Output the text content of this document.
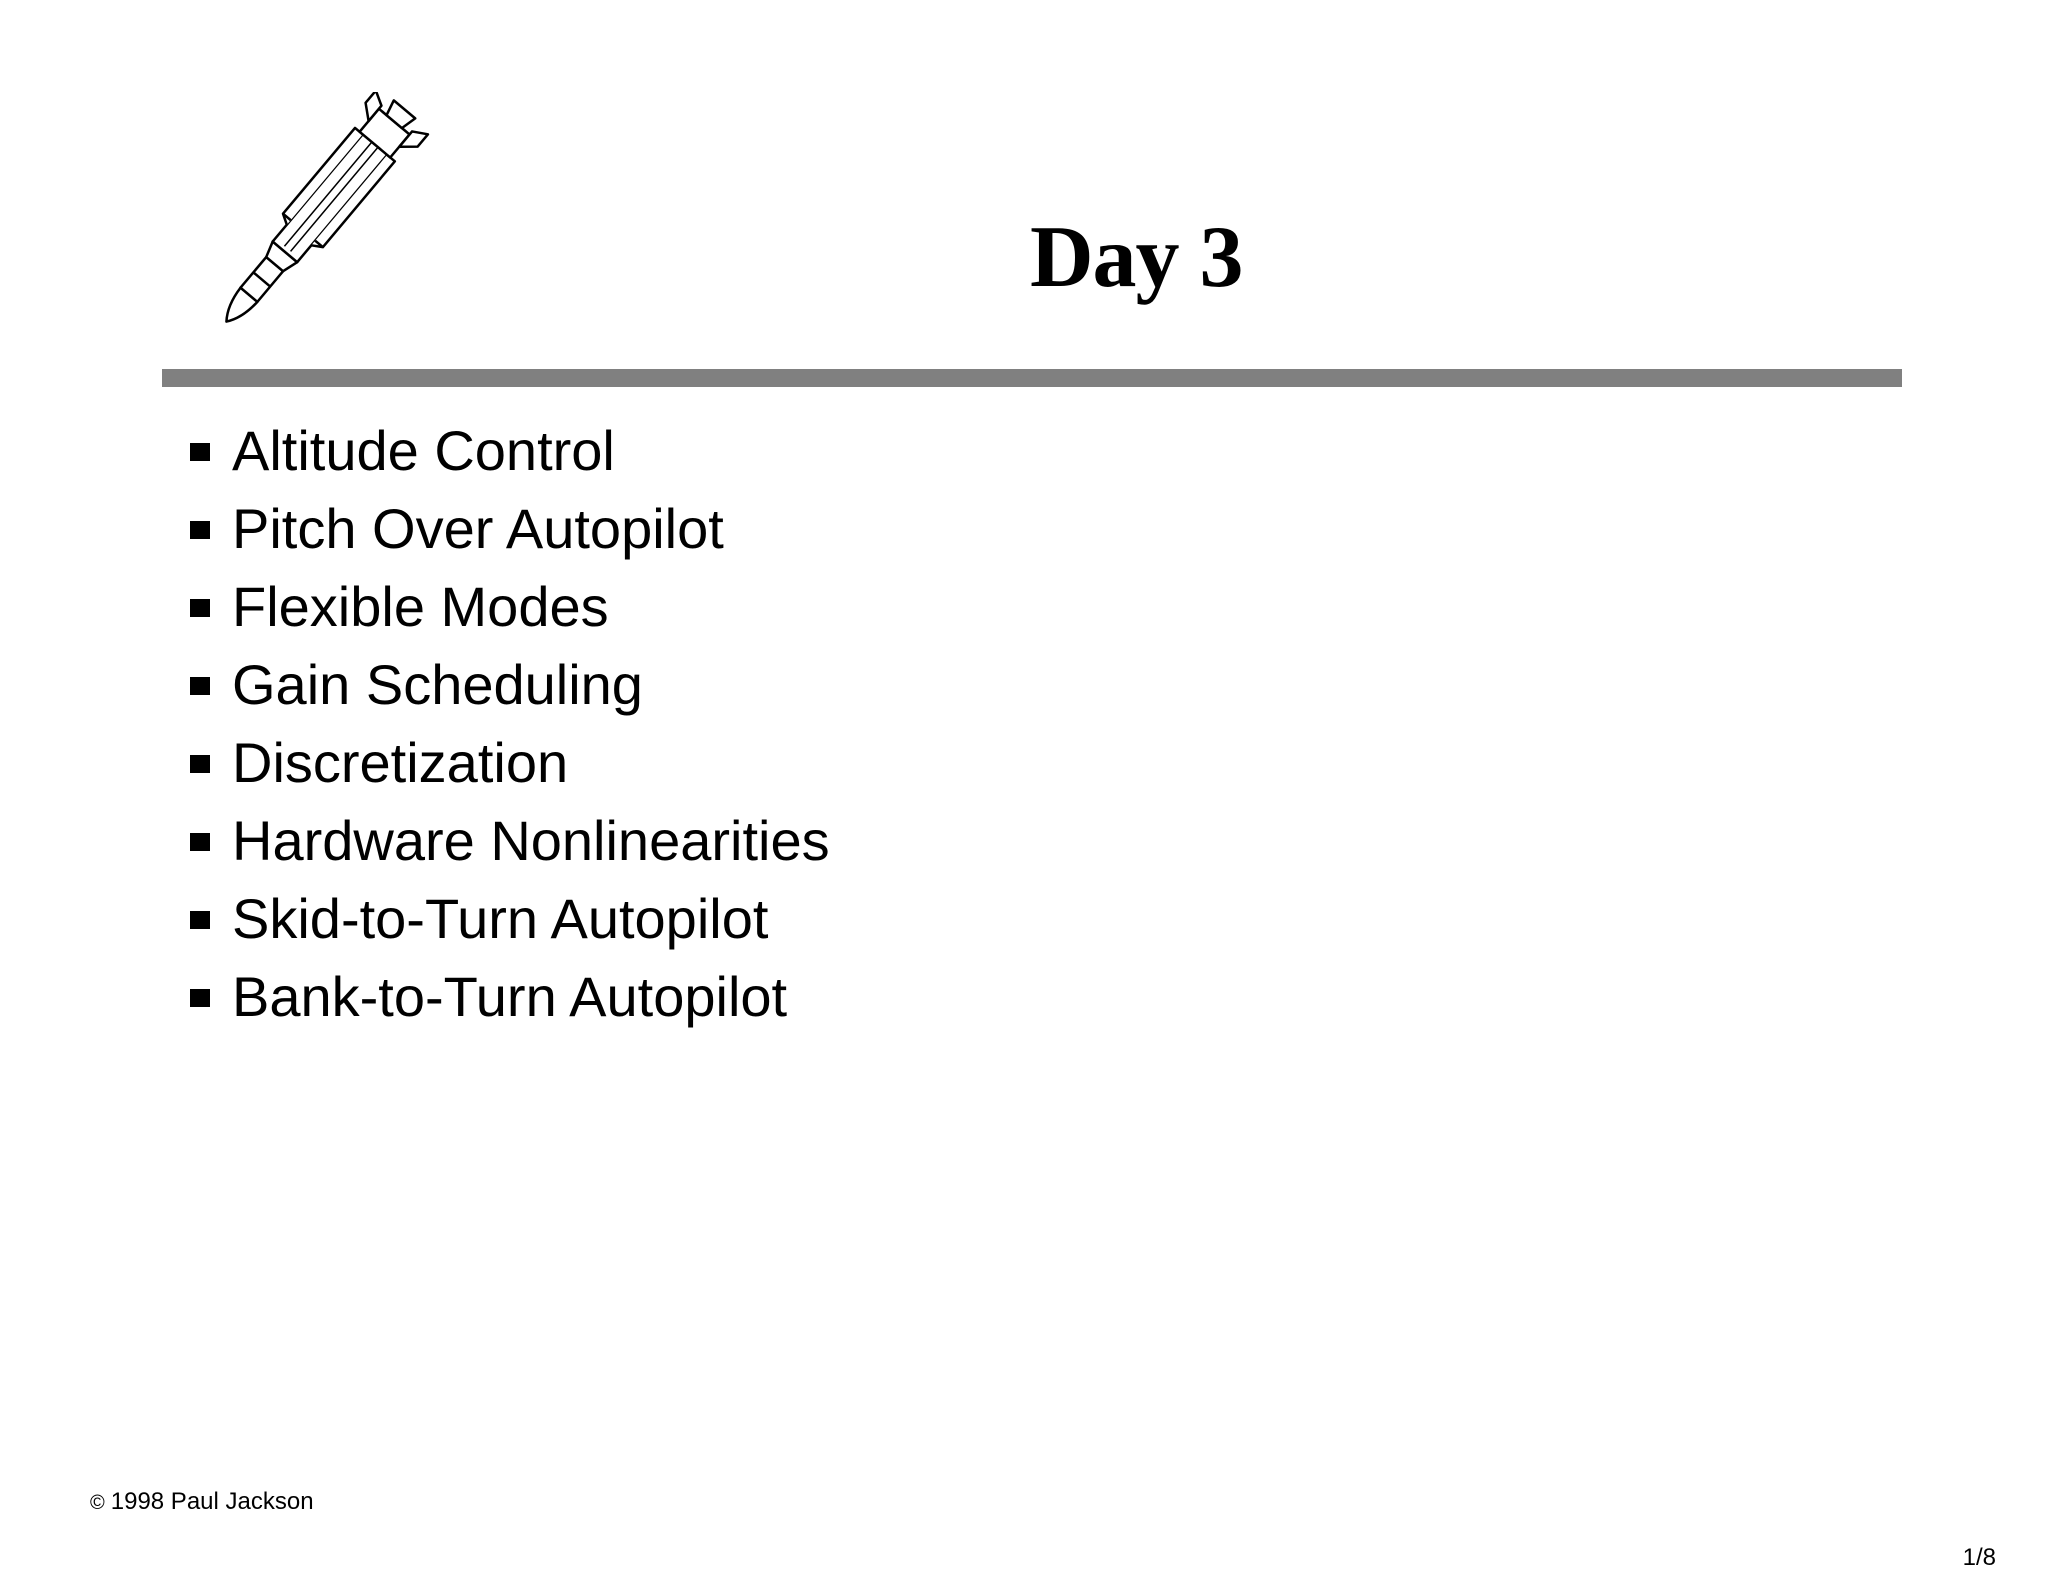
Day 3
Altitude Control
Pitch Over Autopilot
Flexible Modes
Gain Scheduling
Discretization
Hardware Nonlinearities
Skid-to-Turn Autopilot
Bank-to-Turn Autopilot
© 1998 Paul Jackson
1/8
